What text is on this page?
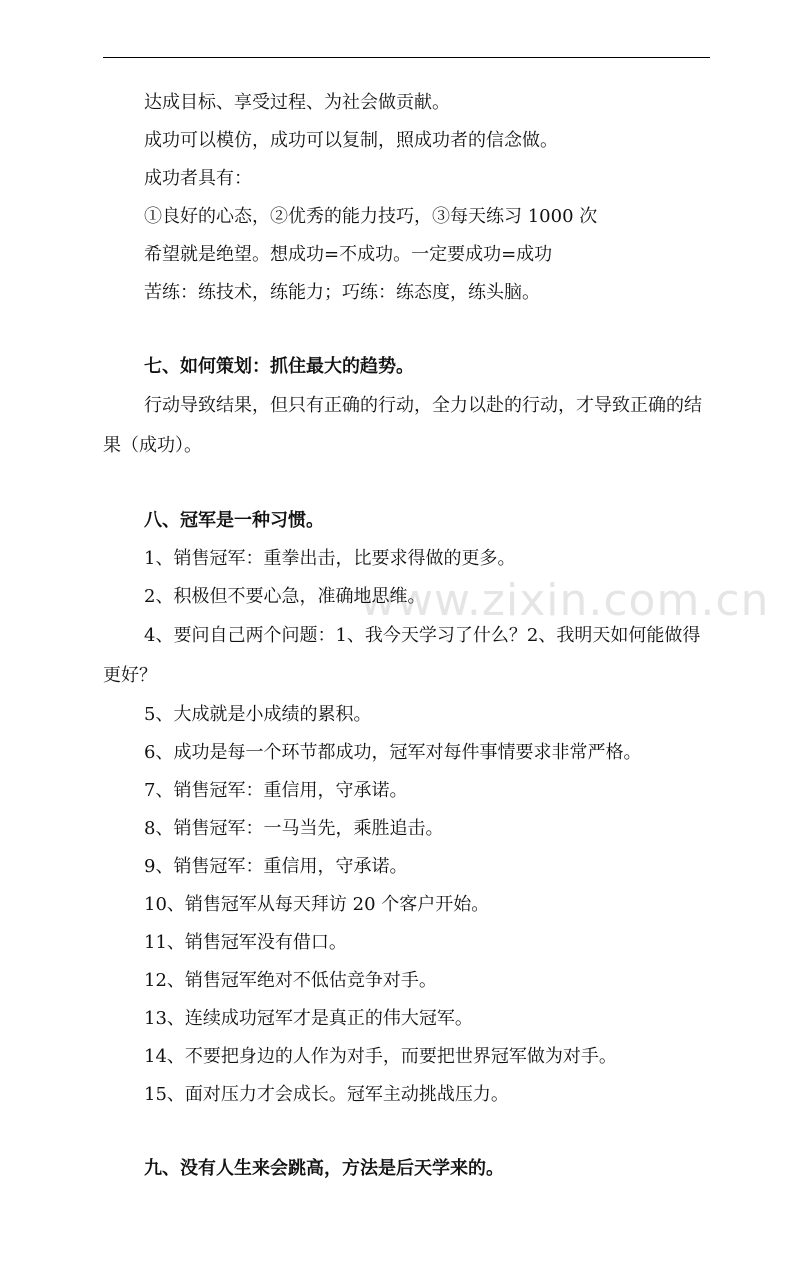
www.zixin.com.cn
达成目标、享受过程、为社会做贡献。
成功可以模仿，成功可以复制，照成功者的信念做。
成功者具有：
①良好的心态，②优秀的能力技巧，③每天练习 1000 次
希望就是绝望。想成功=不成功。一定要成功=成功
苦练：练技术，练能力；巧练：练态度，练头脑。
七、如何策划：抓住最大的趋势。
行动导致结果，但只有正确的行动，全力以赴的行动，才导致正确的结果（成功）。
八、冠军是一种习惯。
1、销售冠军：重拳出击，比要求得做的更多。
2、积极但不要心急，准确地思维。
4、要问自己两个问题：1、我今天学习了什么？2、我明天如何能做得更好？
5、大成就是小成绩的累积。
6、成功是每一个环节都成功，冠军对每件事情要求非常严格。
7、销售冠军：重信用，守承诺。
8、销售冠军：一马当先，乘胜追击。
9、销售冠军：重信用，守承诺。
10、销售冠军从每天拜访 20 个客户开始。
11、销售冠军没有借口。
12、销售冠军绝对不低估竞争对手。
13、连续成功冠军才是真正的伟大冠军。
14、不要把身边的人作为对手，而要把世界冠军做为对手。
15、面对压力才会成长。冠军主动挑战压力。
九、没有人生来会跳高，方法是后天学来的。
